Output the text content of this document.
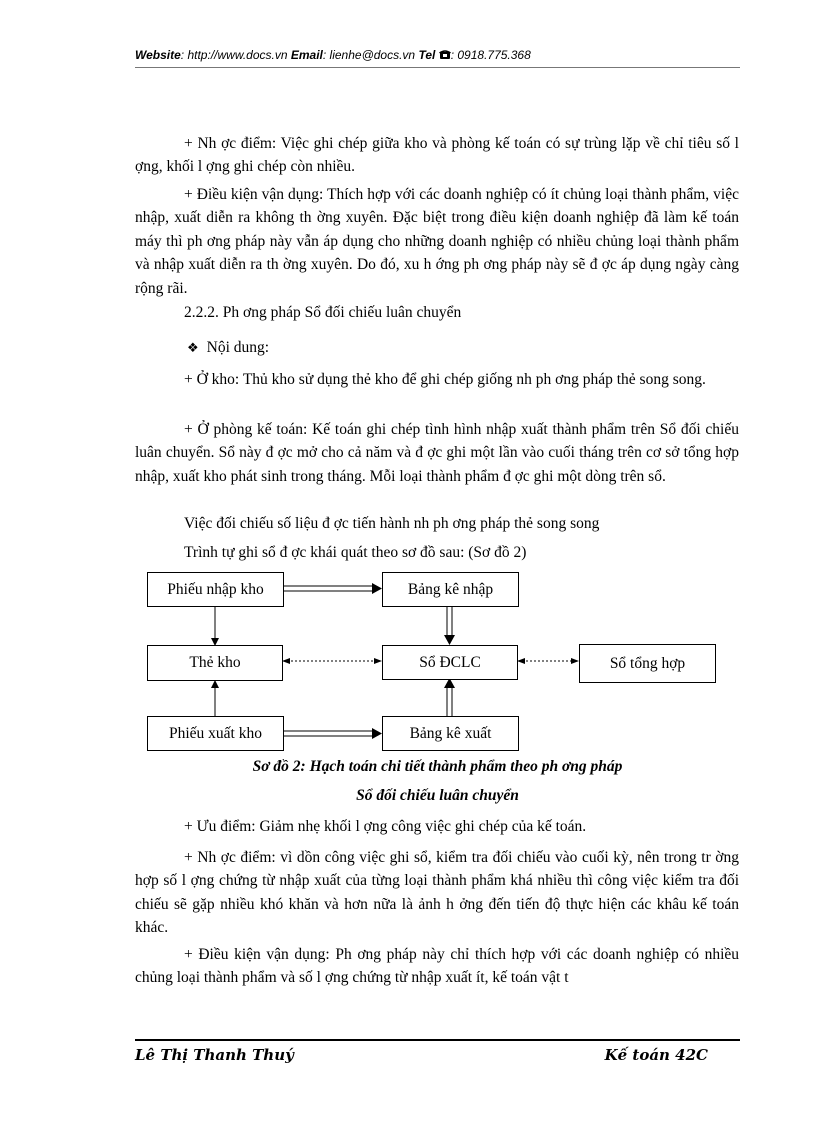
Website: http://www.docs.vn Email: lienhe@docs.vn Tel : 0918.775.368

+ Nh ợc điểm: Việc ghi chép giữa kho và phòng kế toán có sự trùng lặp về chỉ tiêu số l ợng, khối l ợng ghi chép còn nhiều.

+ Điều kiện vận dụng: Thích hợp với các doanh nghiệp có ít chủng loại thành phẩm, việc nhập, xuất diễn ra không th ờng xuyên. Đặc biệt trong điều kiện doanh nghiệp đã làm kế toán máy thì ph ơng pháp này vẫn áp dụng cho những doanh nghiệp có nhiều chủng loại thành phẩm và nhập xuất diễn ra th ờng xuyên. Do đó, xu h ớng ph ơng pháp này sẽ đ ợc áp dụng ngày càng rộng rãi.

2.2.2. Ph ơng pháp Sổ đối chiếu luân chuyển

❖ Nội dung:

+ Ở kho: Thủ kho sử dụng thẻ kho để ghi chép giống nh ph ơng pháp thẻ song song.

+ Ở phòng kế toán: Kế toán ghi chép tình hình nhập xuất thành phẩm trên Sổ đối chiếu luân chuyển. Sổ này đ ợc mở cho cả năm và đ ợc ghi một lần vào cuối tháng trên cơ sở tổng hợp nhập, xuất kho phát sinh trong tháng. Mỗi loại thành phẩm đ ợc ghi một dòng trên sổ.

Việc đối chiếu số liệu đ ợc tiến hành nh ph ơng pháp thẻ song song

Trình tự ghi sổ đ ợc khái quát theo sơ đồ sau: (Sơ đồ 2)

Phiếu nhập kho	Bảng kê nhập
Thẻ kho	Sổ ĐCLC	Sổ tổng hợp
Phiếu xuất kho	Bảng kê xuất

Sơ đồ 2: Hạch toán chi tiết thành phẩm theo ph ơng pháp

Sổ đối chiếu luân chuyển

+ Ưu điểm: Giảm nhẹ khối l ợng công việc ghi chép của kế toán.

+ Nh ợc điểm: vì dồn công việc ghi sổ, kiểm tra đối chiếu vào cuối kỳ, nên trong tr ờng hợp số l ợng chứng từ nhập xuất của từng loại thành phẩm khá nhiều thì công việc kiểm tra đối chiếu sẽ gặp nhiều khó khăn và hơn nữa là ảnh h ởng đến tiến độ thực hiện các khâu kế toán khác.

+ Điều kiện vận dụng: Ph ơng pháp này chỉ thích hợp với các doanh nghiệp có nhiều chủng loại thành phẩm và số l ợng chứng từ nhập xuất ít, kế toán vật t

Lê Thị Thanh Thuý	Kế toán 42C
